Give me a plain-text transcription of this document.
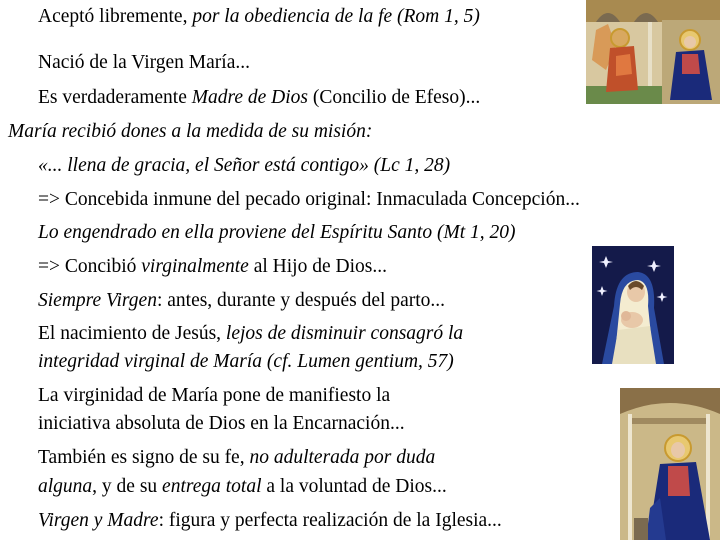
Aceptó libremente, por la obediencia de la fe (Rom 1, 5)
Nació de la Virgen María...
Es verdaderamente Madre de Dios (Concilio de Efeso)...
María recibió dones a la medida de su misión:
«... llena de gracia, el Señor está contigo» (Lc 1, 28)
=> Concebida inmune del pecado original: Inmaculada Concepción...
Lo engendrado en ella proviene del Espíritu Santo (Mt 1, 20)
=> Concibió virginalmente al Hijo de Dios...
Siempre Virgen: antes, durante y después del parto...
El nacimiento de Jesús, lejos de disminuir consagró la
integridad virginal de María (cf. Lumen gentium, 57)
La virginidad de María pone de manifiesto la
iniciativa absoluta de Dios en la Encarnación...
También es signo de su fe, no adulterada por duda
alguna, y de su entrega total a la voluntad de Dios...
Virgen y Madre: figura y perfecta realización de la Iglesia...
